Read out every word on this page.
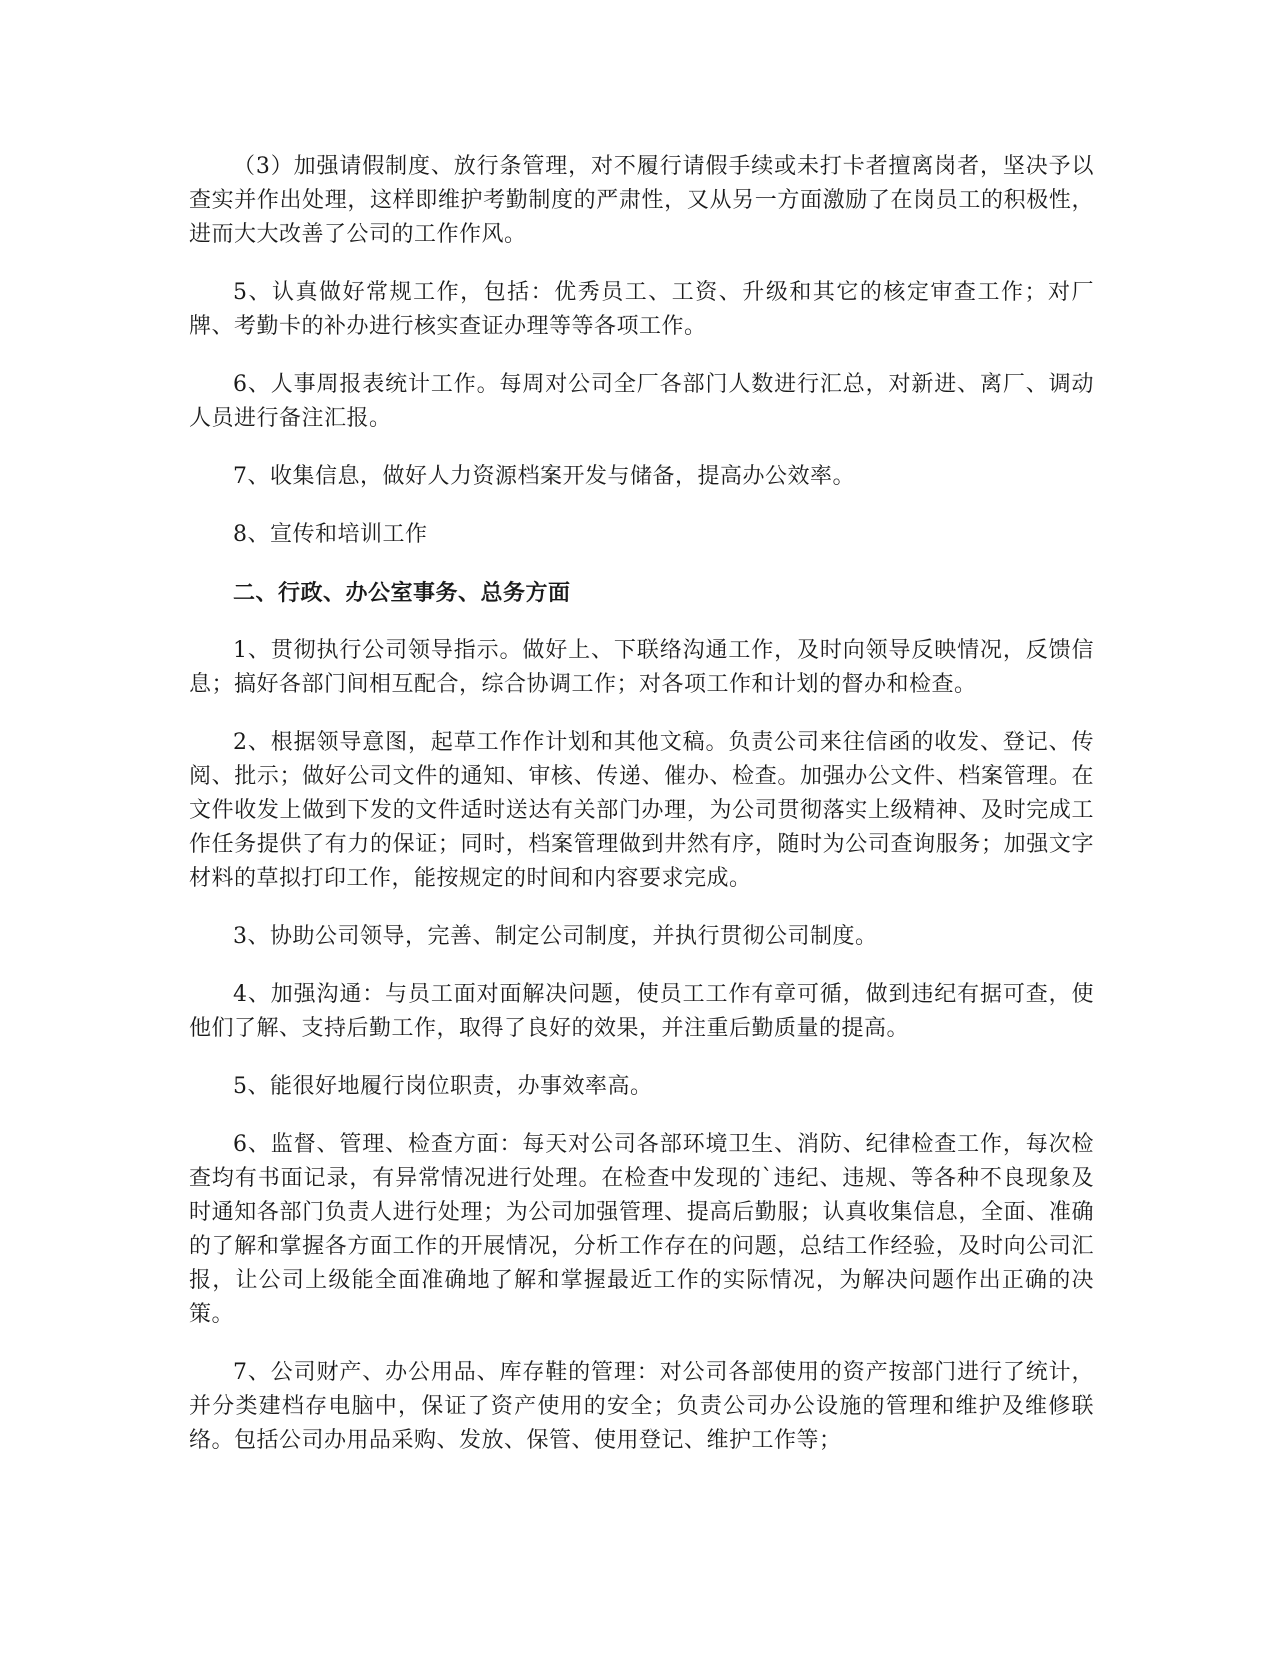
（3）加强请假制度、放行条管理，对不履行请假手续或未打卡者擅离岗者，坚决予以查实并作出处理，这样即维护考勤制度的严肃性，又从另一方面激励了在岗员工的积极性，进而大大改善了公司的工作作风。

5、认真做好常规工作，包括：优秀员工、工资、升级和其它的核定审查工作；对厂牌、考勤卡的补办进行核实查证办理等等各项工作。

6、人事周报表统计工作。每周对公司全厂各部门人数进行汇总，对新进、离厂、调动人员进行备注汇报。

7、收集信息，做好人力资源档案开发与储备，提高办公效率。

8、宣传和培训工作

二、行政、办公室事务、总务方面

1、贯彻执行公司领导指示。做好上、下联络沟通工作，及时向领导反映情况，反馈信息；搞好各部门间相互配合，综合协调工作；对各项工作和计划的督办和检查。

2、根据领导意图，起草工作作计划和其他文稿。负责公司来往信函的收发、登记、传阅、批示；做好公司文件的通知、审核、传递、催办、检查。加强办公文件、档案管理。在文件收发上做到下发的文件适时送达有关部门办理，为公司贯彻落实上级精神、及时完成工作任务提供了有力的保证；同时，档案管理做到井然有序，随时为公司查询服务；加强文字材料的草拟打印工作，能按规定的时间和内容要求完成。

3、协助公司领导，完善、制定公司制度，并执行贯彻公司制度。

4、加强沟通：与员工面对面解决问题，使员工工作有章可循，做到违纪有据可查，使他们了解、支持后勤工作，取得了良好的效果，并注重后勤质量的提高。

5、能很好地履行岗位职责，办事效率高。

6、监督、管理、检查方面：每天对公司各部环境卫生、消防、纪律检查工作，每次检查均有书面记录，有异常情况进行处理。在检查中发现的`违纪、违规、等各种不良现象及时通知各部门负责人进行处理；为公司加强管理、提高后勤服；认真收集信息，全面、准确的了解和掌握各方面工作的开展情况，分析工作存在的问题，总结工作经验，及时向公司汇报，让公司上级能全面准确地了解和掌握最近工作的实际情况，为解决问题作出正确的决策。

7、公司财产、办公用品、库存鞋的管理：对公司各部使用的资产按部门进行了统计，并分类建档存电脑中，保证了资产使用的安全；负责公司办公设施的管理和维护及维修联络。包括公司办用品采购、发放、保管、使用登记、维护工作等；
